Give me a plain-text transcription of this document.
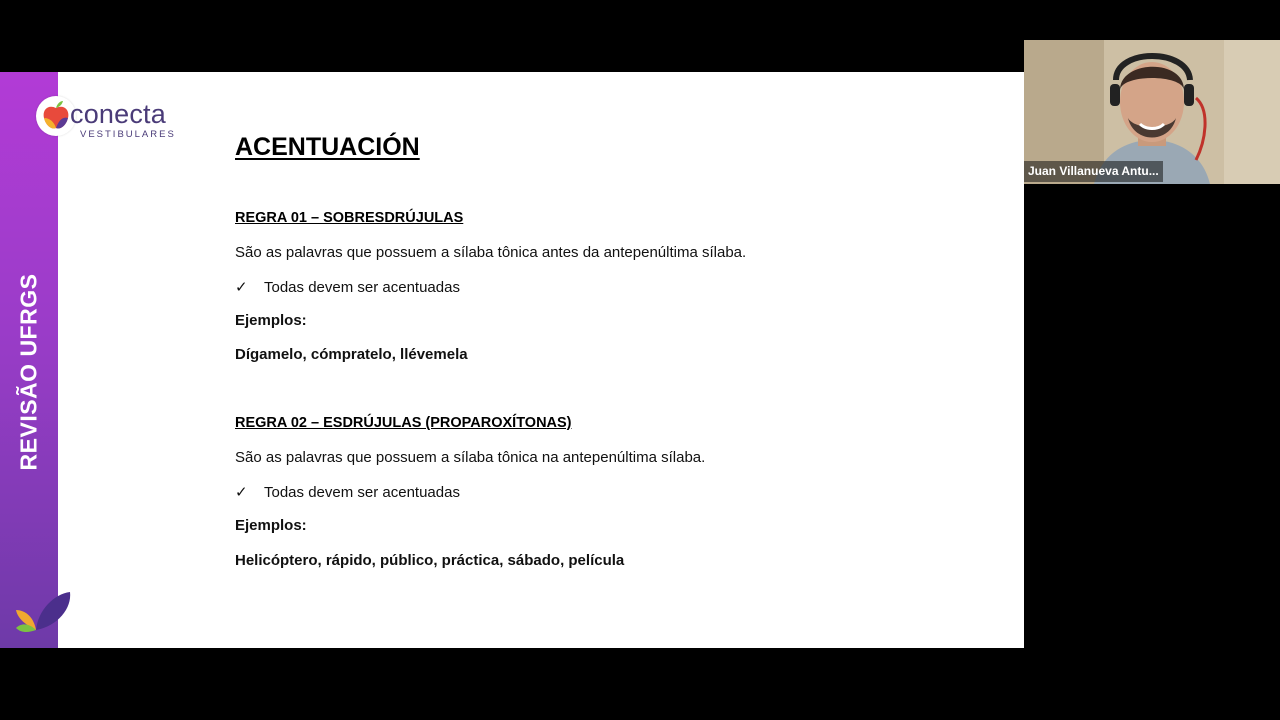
REVISÃO UFRGS
conecta
VESTIBULARES ACENTUACIÓN
REGRA 01 – SOBRESDRÚJULAS
São as palavras que possuem a sílaba tônica antes da antepenúltima sílaba.
✓ Todas devem ser acentuadas
Ejemplos:
Dígamelo, cómpratelo, llévemela
REGRA 02 – ESDRÚJULAS (PROPAROXÍTONAS)
São as palavras que possuem a sílaba tônica na antepenúltima sílaba.
✓ Todas devem ser acentuadas
Ejemplos:
Helicóptero, rápido, público, práctica, sábado, película
Juan Villanueva Antu...
